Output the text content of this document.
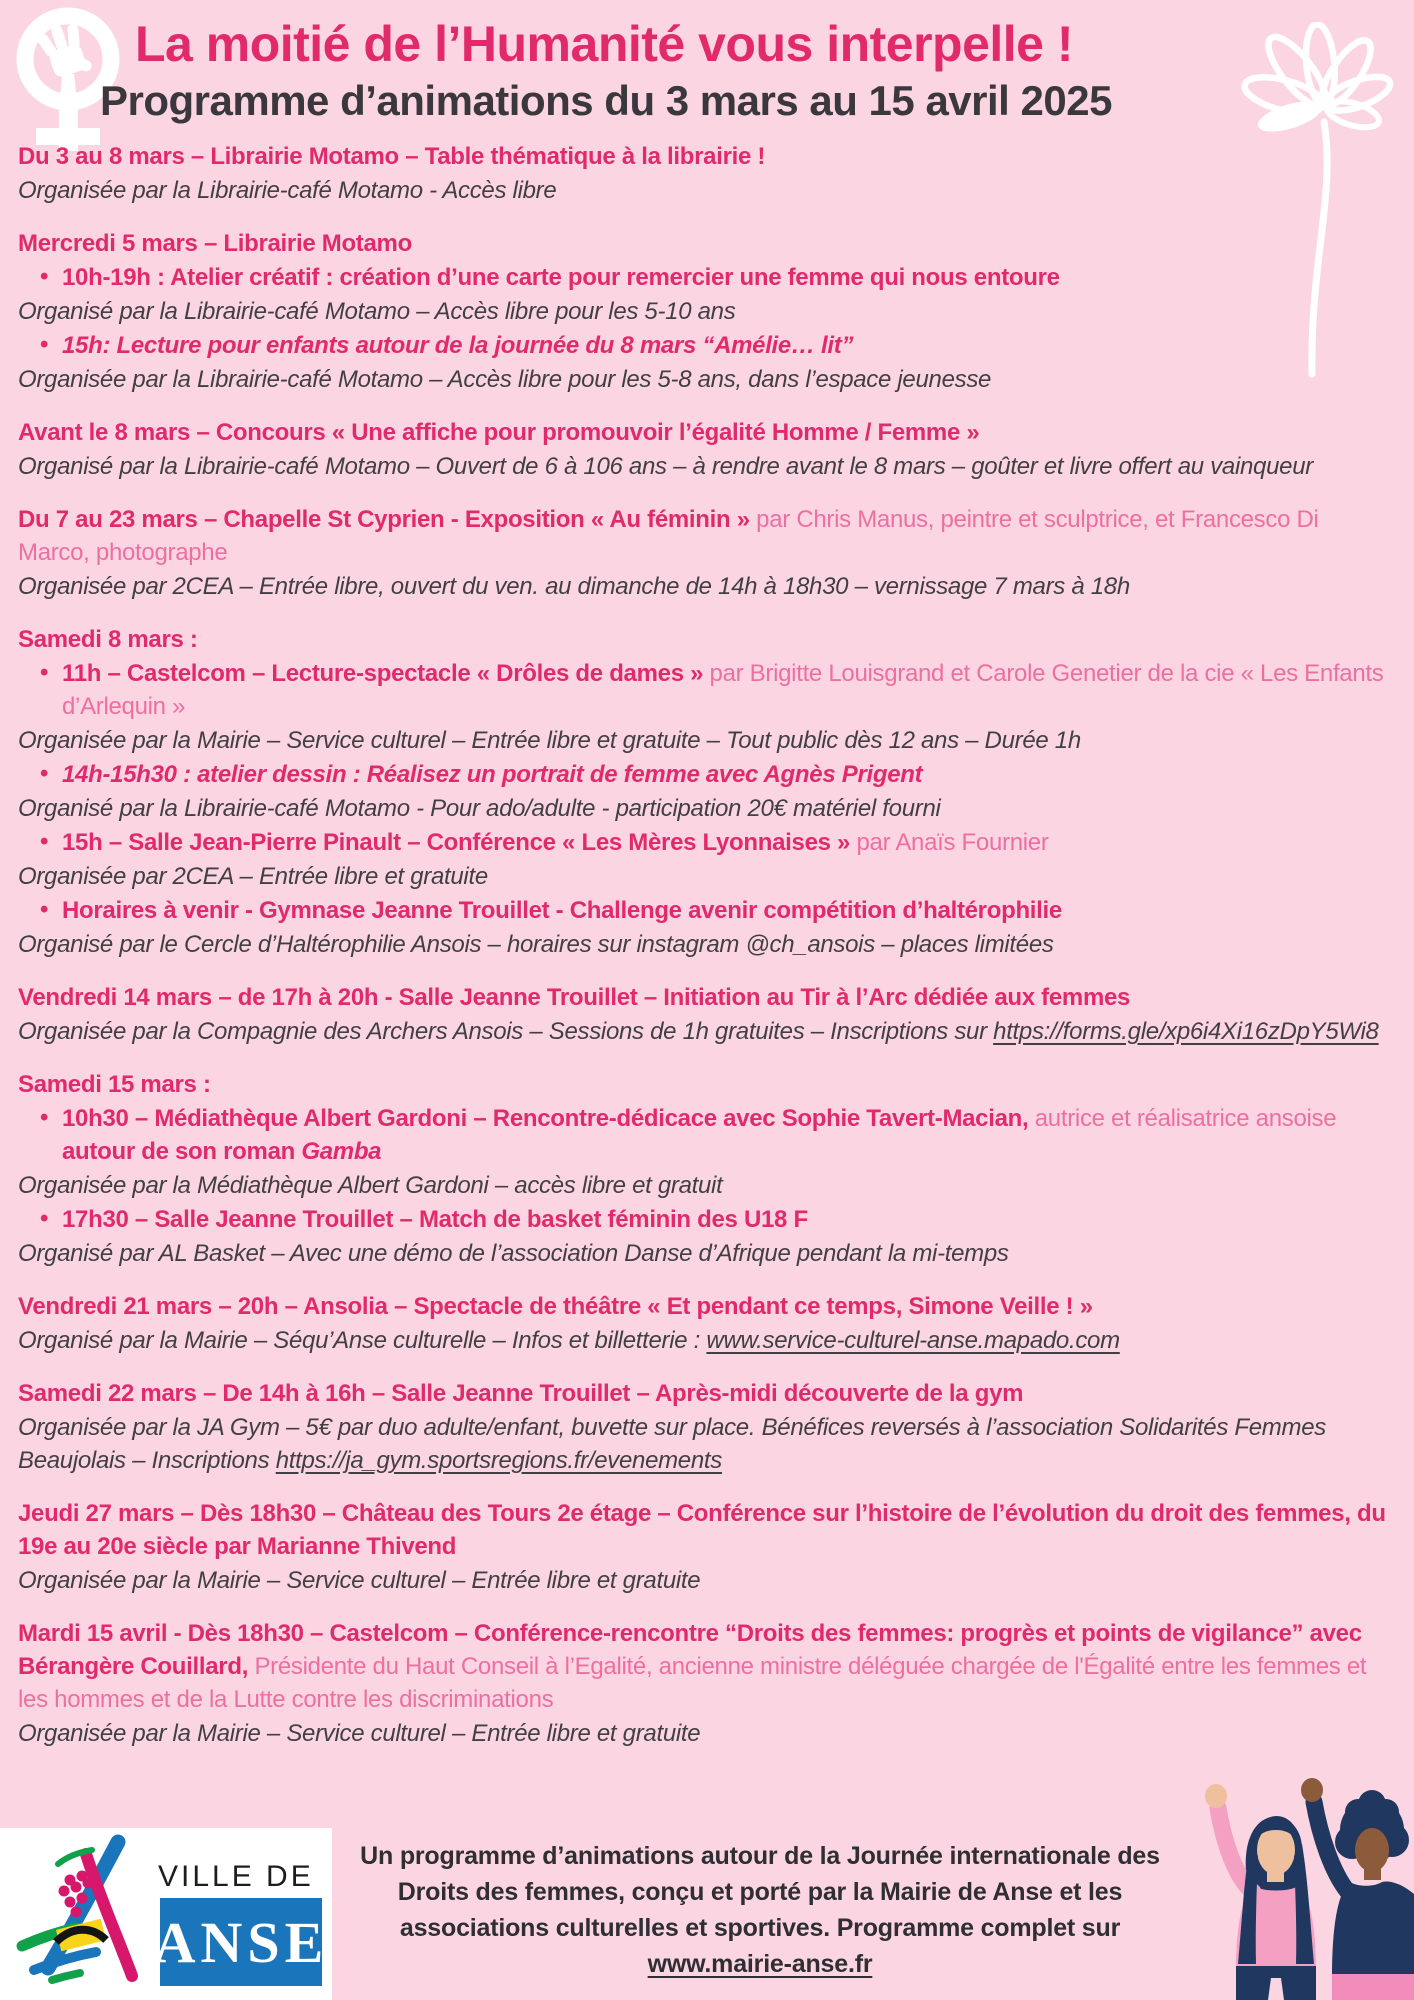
La moitié de l’Humanité vous interpelle !
Programme d’animations du 3 mars au 15 avril 2025
Du 3 au 8 mars – Librairie Motamo – Table thématique à la librairie !
Organisée par la Librairie-café Motamo - Accès libre
Mercredi 5 mars – Librairie Motamo
• 10h-19h : Atelier créatif : création d’une carte pour remercier une femme qui nous entoure
Organisé par la Librairie-café Motamo – Accès libre pour les 5-10 ans
• 15h: Lecture pour enfants autour de la journée du 8 mars “Amélie… lit”
Organisée par la Librairie-café Motamo – Accès libre pour les 5-8 ans, dans l’espace jeunesse
Avant le 8 mars – Concours « Une affiche pour promouvoir l’égalité Homme / Femme »
Organisé par la Librairie-café Motamo – Ouvert de 6 à 106 ans – à rendre avant le 8 mars – goûter et livre offert au vainqueur
Du 7 au 23 mars – Chapelle St Cyprien - Exposition « Au féminin » par Chris Manus, peintre et sculptrice, et Francesco Di Marco, photographe
Organisée par 2CEA – Entrée libre, ouvert du ven. au dimanche de 14h à 18h30 – vernissage 7 mars à 18h
Samedi 8 mars :
• 11h – Castelcom – Lecture-spectacle « Drôles de dames » par Brigitte Louisgrand et Carole Genetier de la cie « Les Enfants d’Arlequin »
Organisée par la Mairie – Service culturel – Entrée libre et gratuite – Tout public dès 12 ans – Durée 1h
• 14h-15h30 : atelier dessin : Réalisez un portrait de femme avec Agnès Prigent
Organisé par la Librairie-café Motamo - Pour ado/adulte - participation 20€ matériel fourni
• 15h – Salle Jean-Pierre Pinault – Conférence « Les Mères Lyonnaises » par Anaïs Fournier
Organisée par 2CEA – Entrée libre et gratuite
• Horaires à venir - Gymnase Jeanne Trouillet - Challenge avenir compétition d’haltérophilie
Organisé par le Cercle d’Haltérophilie Ansois – horaires sur instagram @ch_ansois – places limitées
Vendredi 14 mars – de 17h à 20h - Salle Jeanne Trouillet – Initiation au Tir à l’Arc dédiée aux femmes
Organisée par la Compagnie des Archers Ansois – Sessions de 1h gratuites – Inscriptions sur https://forms.gle/xp6i4Xi16zDpY5Wi8
Samedi 15 mars :
• 10h30 – Médiathèque Albert Gardoni – Rencontre-dédicace avec Sophie Tavert-Macian, autrice et réalisatrice ansoise autour de son roman Gamba
Organisée par la Médiathèque Albert Gardoni – accès libre et gratuit
• 17h30 – Salle Jeanne Trouillet – Match de basket féminin des U18 F
Organisé par AL Basket – Avec une démo de l’association Danse d’Afrique pendant la mi-temps
Vendredi 21 mars – 20h – Ansolia – Spectacle de théâtre « Et pendant ce temps, Simone Veille ! »
Organisé par la Mairie – Séqu’Anse culturelle – Infos et billetterie : www.service-culturel-anse.mapado.com
Samedi 22 mars – De 14h à 16h – Salle Jeanne Trouillet – Après-midi découverte de la gym
Organisée par la JA Gym – 5€ par duo adulte/enfant, buvette sur place. Bénéfices reversés à l’association Solidarités Femmes Beaujolais – Inscriptions https://ja_gym.sportsregions.fr/evenements
Jeudi 27 mars – Dès 18h30 – Château des Tours 2e étage – Conférence sur l’histoire de l’évolution du droit des femmes, du 19e au 20e siècle par Marianne Thivend
Organisée par la Mairie – Service culturel – Entrée libre et gratuite
Mardi 15 avril - Dès 18h30 – Castelcom – Conférence-rencontre “Droits des femmes: progrès et points de vigilance” avec Bérangère Couillard, Présidente du Haut Conseil à l’Egalité, ancienne ministre déléguée chargée de l'Égalité entre les femmes et les hommes et de la Lutte contre les discriminations
Organisée par la Mairie – Service culturel – Entrée libre et gratuite
VILLE DE
ANSE
Un programme d’animations autour de la Journée internationale des Droits des femmes, conçu et porté par la Mairie de Anse et les associations culturelles et sportives. Programme complet sur www.mairie-anse.fr
